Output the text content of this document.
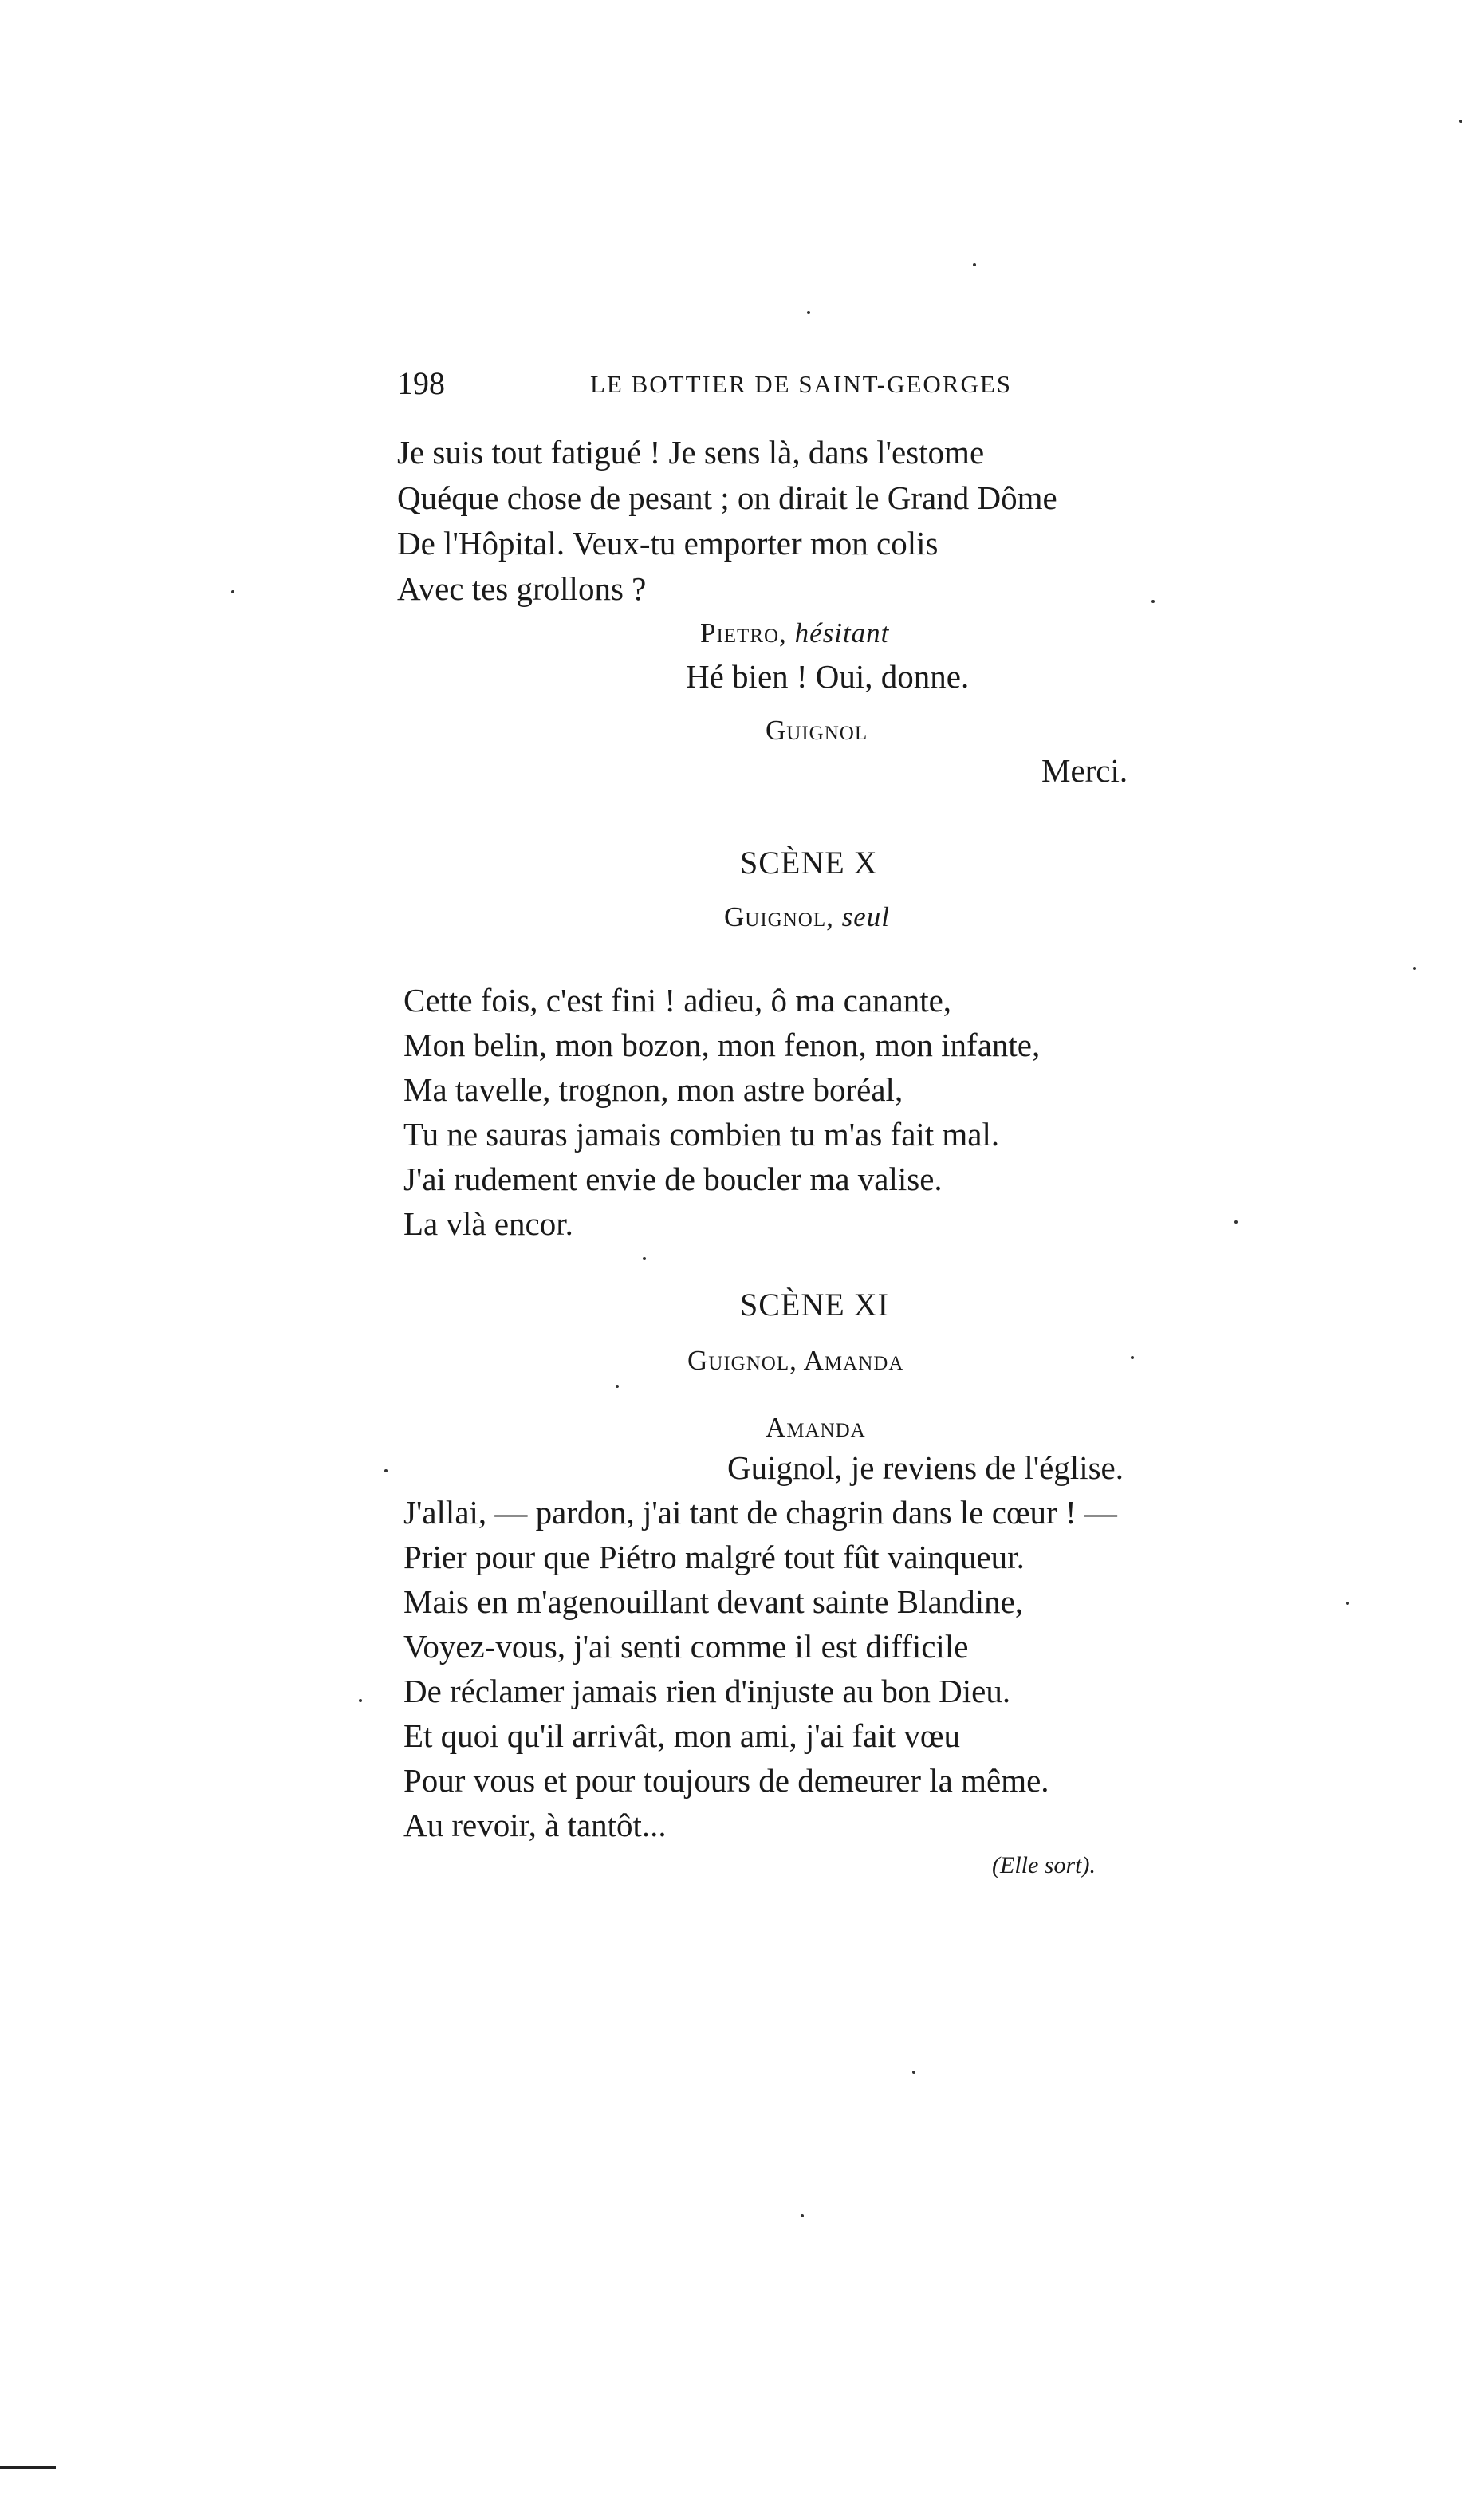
198	LE BOTTIER DE SAINT-GEORGES
Je suis tout fatigué ! Je sens là, dans l'estome
Quéque chose de pesant ; on dirait le Grand Dôme
De l'Hôpital. Veux-tu emporter mon colis
Avec tes grollons ?
Pietro, hésitant
Hé bien ! Oui, donne.
Guignol
Merci.
SCÈNE X
Guignol, seul
Cette fois, c'est fini ! adieu, ô ma canante,
Mon belin, mon bozon, mon fenon, mon infante,
Ma tavelle, trognon, mon astre boréal,
Tu ne sauras jamais combien tu m'as fait mal.
J'ai rudement envie de boucler ma valise.
La vlà encor.
SCÈNE XI
Guignol, Amanda
Amanda
Guignol, je reviens de l'église.
J'allai, — pardon, j'ai tant de chagrin dans le cœur ! —
Prier pour que Piétro malgré tout fût vainqueur.
Mais en m'agenouillant devant sainte Blandine,
Voyez-vous, j'ai senti comme il est difficile
De réclamer jamais rien d'injuste au bon Dieu.
Et quoi qu'il arrivât, mon ami, j'ai fait vœu
Pour vous et pour toujours de demeurer la même.
Au revoir, à tantôt...
(Elle sort).
